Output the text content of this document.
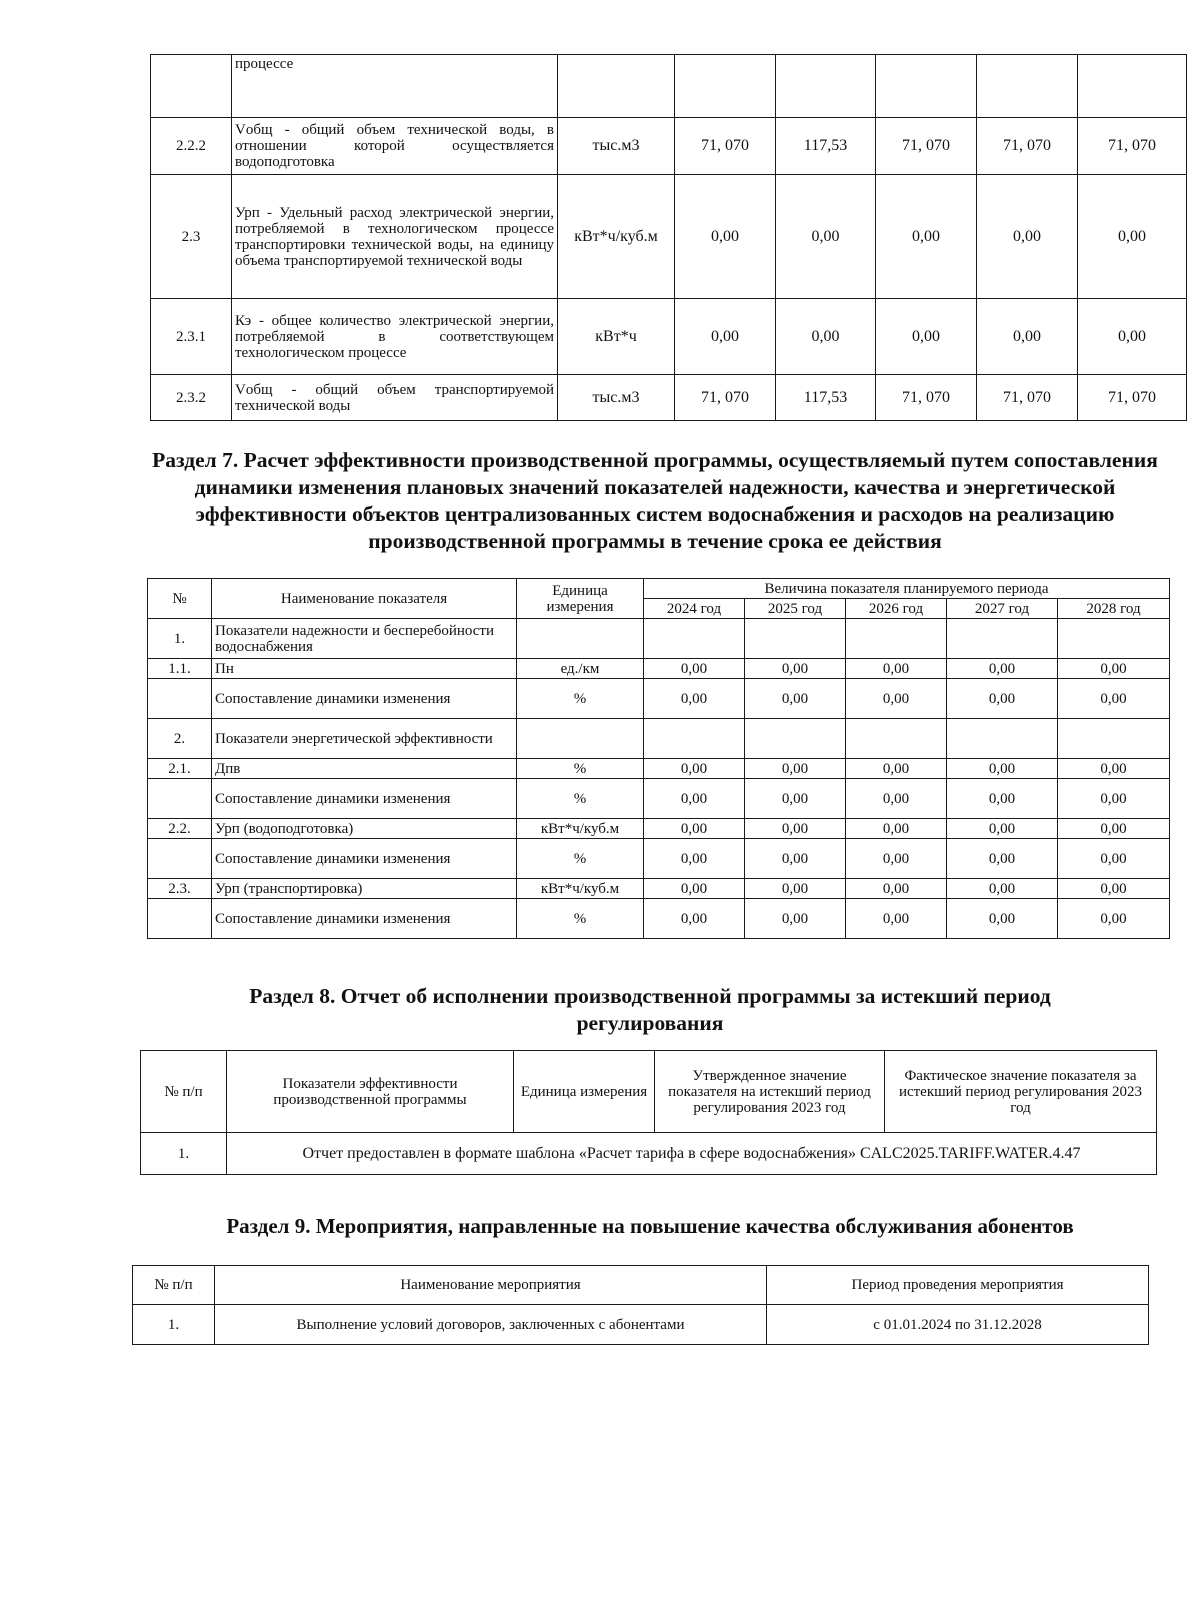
	процессе						
2.2.2	Vобщ - общий объем технической воды, в отношении которой осуществляется водоподготовка	тыс.м3	71, 070	117,53	71, 070	71, 070	71, 070
2.3	Урп - Удельный расход электрической энергии, потребляемой в технологическом процессе транспортировки технической воды, на единицу объема транспортируемой технической воды	кВт*ч/куб.м	0,00	0,00	0,00	0,00	0,00
2.3.1	Кэ - общее количество электрической энергии, потребляемой в соответствующем технологическом процессе	кВт*ч	0,00	0,00	0,00	0,00	0,00
2.3.2	Vобщ - общий объем транспортируемой технической воды	тыс.м3	71, 070	117,53	71, 070	71, 070	71, 070
Раздел 7. Расчет эффективности производственной программы, осуществляемый путем сопоставления динамики изменения плановых значений показателей надежности, качества и энергетической эффективности объектов централизованных систем водоснабжения и расходов на реализацию производственной программы в течение срока ее действия
№	Наименование показателя	Единица измерения	Величина показателя планируемого периода				
			2024 год	2025 год	2026 год	2027 год	2028 год
1.	Показатели надежности и бесперебойности водоснабжения						
1.1.	Пн	ед./км	0,00	0,00	0,00	0,00	0,00
	Сопоставление динамики изменения	%	0,00	0,00	0,00	0,00	0,00
2.	Показатели энергетической эффективности						
2.1.	Дпв	%	0,00	0,00	0,00	0,00	0,00
	Сопоставление динамики изменения	%	0,00	0,00	0,00	0,00	0,00
2.2.	Урп (водоподготовка)	кВт*ч/куб.м	0,00	0,00	0,00	0,00	0,00
	Сопоставление динамики изменения	%	0,00	0,00	0,00	0,00	0,00
2.3.	Урп (транспортировка)	кВт*ч/куб.м	0,00	0,00	0,00	0,00	0,00
	Сопоставление динамики изменения	%	0,00	0,00	0,00	0,00	0,00
Раздел 8. Отчет об исполнении производственной программы за истекший период регулирования
№ п/п	Показатели эффективности производственной программы	Единица измерения	Утвержденное значение показателя на истекший период регулирования 2023 год	Фактическое значение показателя за истекший период регулирования 2023 год
1.	Отчет предоставлен в формате шаблона «Расчет тарифа в сфере водоснабжения» CALC2025.TARIFF.WATER.4.47			
Раздел 9. Мероприятия, направленные на повышение качества обслуживания абонентов
№ п/п	Наименование мероприятия	Период проведения мероприятия
1.	Выполнение условий договоров, заключенных с абонентами	с 01.01.2024 по 31.12.2028
